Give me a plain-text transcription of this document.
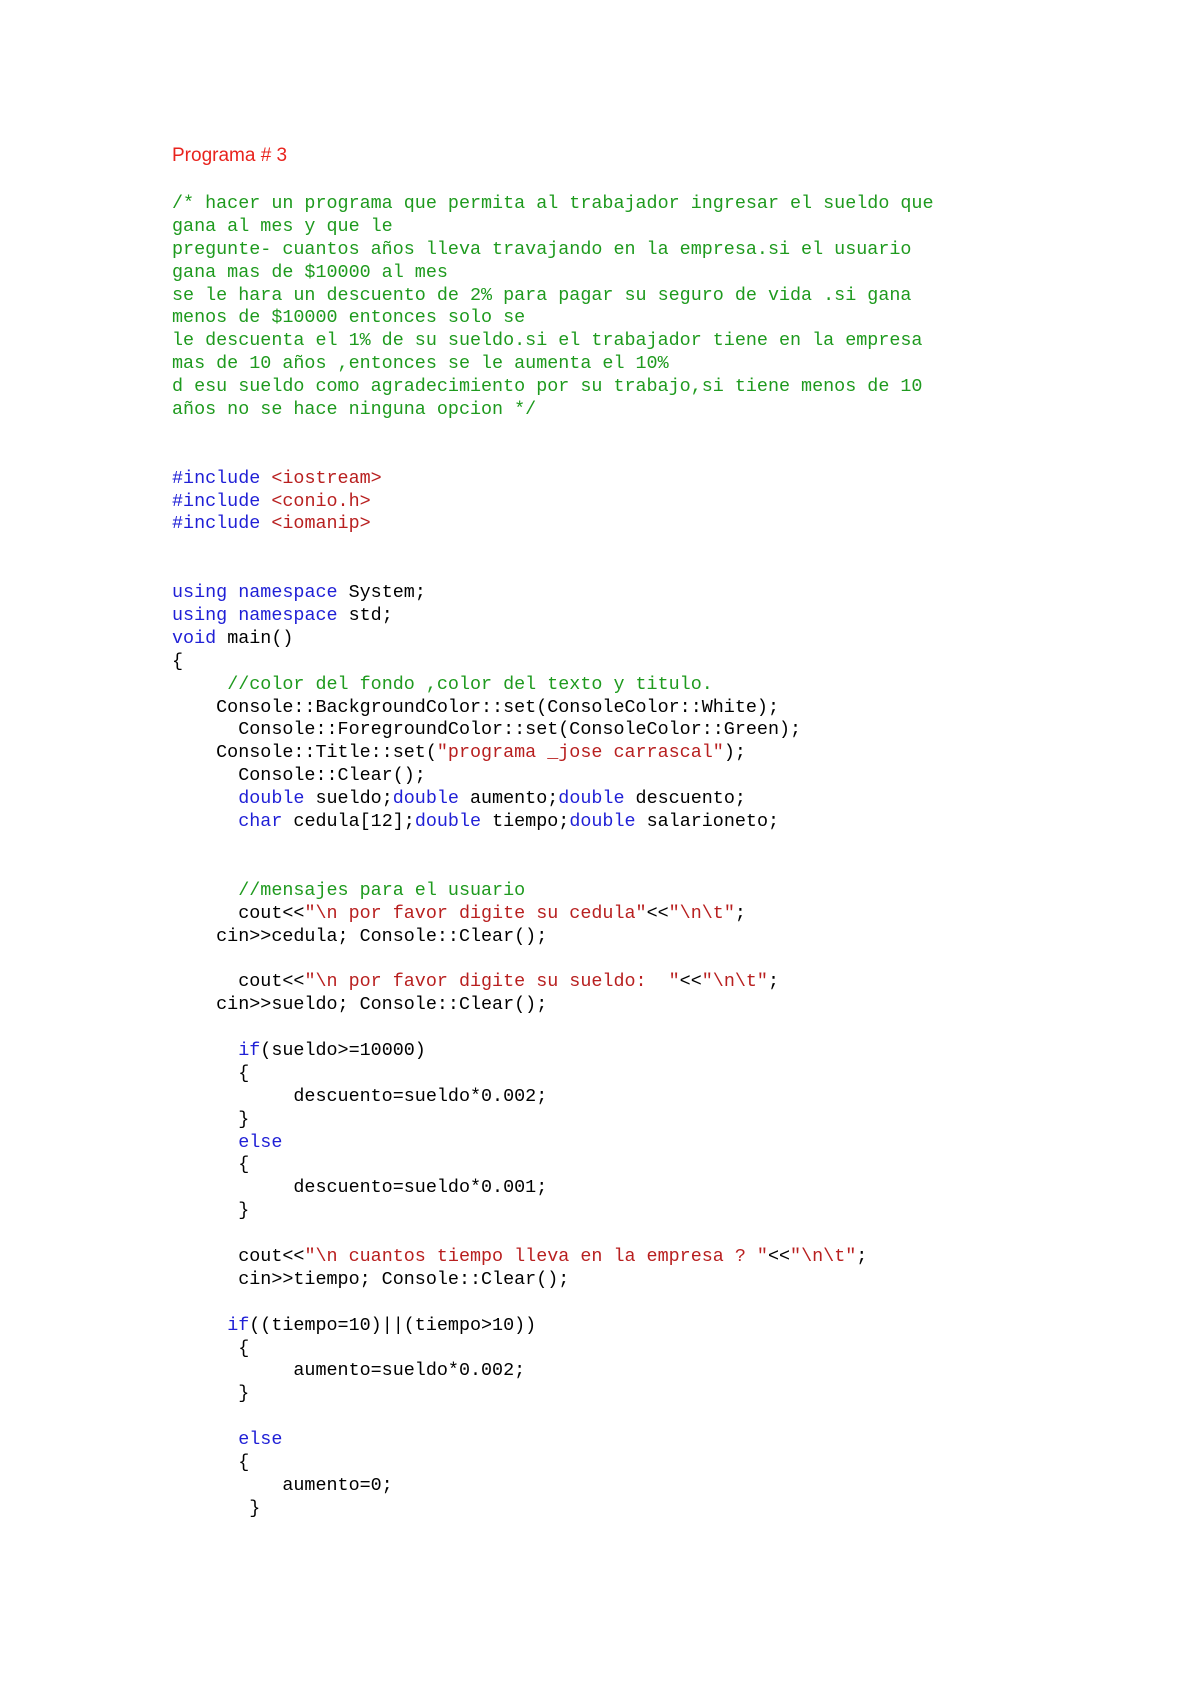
Programa # 3
/* hacer un programa que permita al trabajador ingresar el sueldo que
gana al mes y que le
pregunte- cuantos años lleva travajando en la empresa.si el usuario
gana mas de $10000 al mes
se le hara un descuento de 2% para pagar su seguro de vida .si gana
menos de $10000 entonces solo se
le descuenta el 1% de su sueldo.si el trabajador tiene en la empresa
mas de 10 años ,entonces se le aumenta el 10%
d esu sueldo como agradecimiento por su trabajo,si tiene menos de 10
años no se hace ninguna opcion */
#include <iostream>
#include <conio.h>
#include <iomanip>
using namespace System;
using namespace std;
void main()
{
//color del fondo ,color del texto y titulo.
Console::BackgroundColor::set(ConsoleColor::White);
Console::ForegroundColor::set(ConsoleColor::Green);
Console::Title::set("programa _jose carrascal");
Console::Clear();
double sueldo;double aumento;double descuento;
char cedula[12];double tiempo;double salarioneto;
//mensajes para el usuario
cout<<"\n por favor digite su cedula"<<"\n\t";
cin>>cedula; Console::Clear();
cout<<"\n por favor digite su sueldo:  "<<"\n\t";
cin>>sueldo; Console::Clear();
if(sueldo>=10000)
{
descuento=sueldo*0.002;
}
else
{
descuento=sueldo*0.001;
}
cout<<"\n cuantos tiempo lleva en la empresa ? "<<"\n\t";
cin>>tiempo; Console::Clear();
if((tiempo=10)||(tiempo>10))
{
aumento=sueldo*0.002;
}
else
{
aumento=0;
}
